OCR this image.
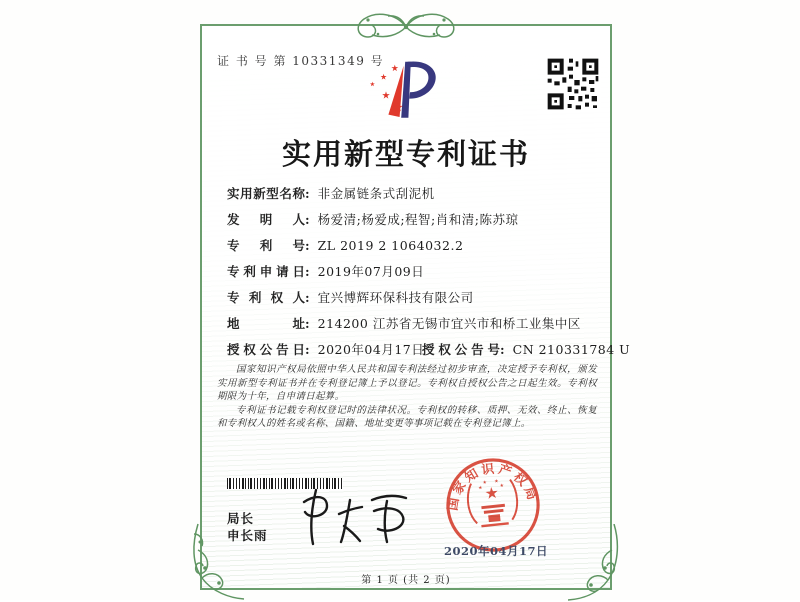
证 书 号 第 10331349 号
实用新型专利证书
实 用 新 型 名 称 : 非金属链条式刮泥机
发 明 人 : 杨爱清;杨爱成;程智;肖和清;陈苏琼
专 利 号 : ZL 2019 2 1064032.2
专 利 申 请 日 : 2019年07月09日
专 利 权 人 : 宜兴博辉环保科技有限公司
地	址 : 214200 江苏省无锡市宜兴市和桥工业集中区
授 权 公 告 日 : 2020年04月17日
授 权 公 告 号 : CN 210331784 U

国家知识产权局依照中华人民共和国专利法经过初步审查，决定授予专利权，颁发实用新型专利证书并在专利登记簿上予以登记。专利权自授权公告之日起生效。专利权期限为十年，自申请日起算。

专利证书记载专利权登记时的法律状况。专利权的转移、质押、无效、终止、恢复和专利权人的姓名或名称、国籍、地址变更等事项记载在专利登记簿上。

局长
申长雨
国家知识产权局
2020年04月17日
第 1 页 (共 2 页)
